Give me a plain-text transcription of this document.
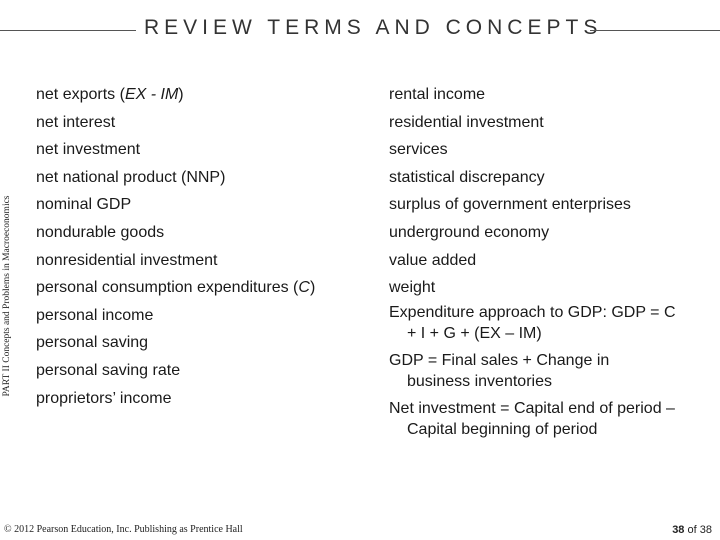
REVIEW TERMS AND CONCEPTS
PART II Concepts and Problems in Macroeconomics
net exports (EX - IM)
net interest
net investment
net national product (NNP)
nominal GDP
nondurable goods
nonresidential investment
personal consumption expenditures (C)
personal income
personal saving
personal saving rate
proprietors’ income
rental income
residential investment
services
statistical discrepancy
surplus of government enterprises
underground economy
value added
weight
Expenditure approach to GDP: GDP = C
+ I + G + (EX – IM)
GDP = Final sales + Change in
business inventories
Net investment = Capital end of period –
Capital beginning of period
© 2012 Pearson Education, Inc. Publishing as Prentice Hall	38 of 38
